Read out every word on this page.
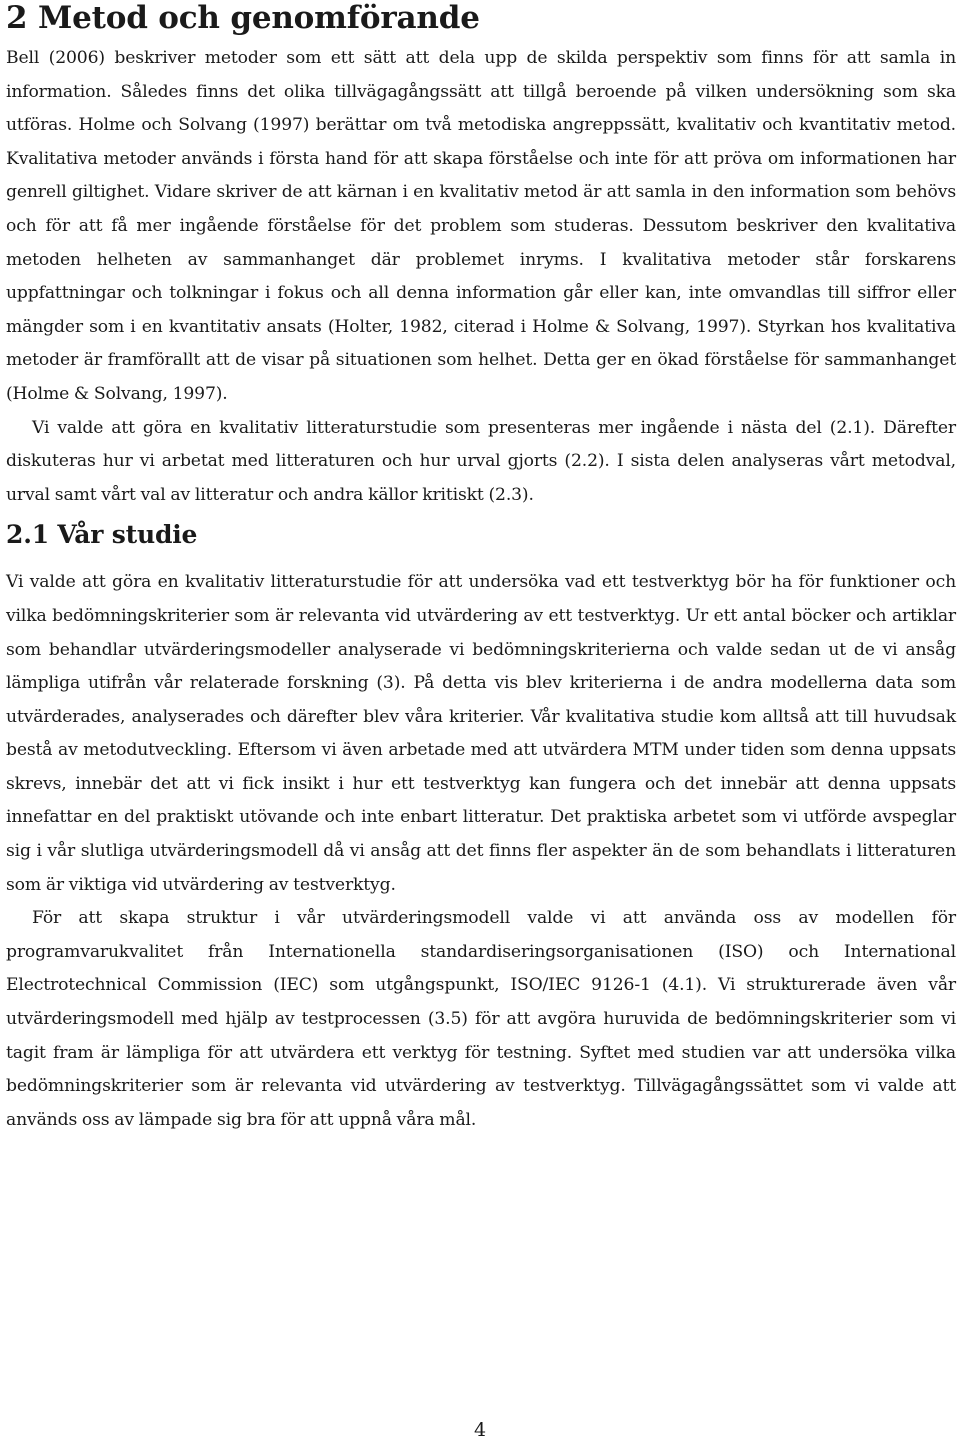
2 Metod och genomförande

Bell (2006) beskriver metoder som ett sätt att dela upp de skilda perspektiv som finns för att samla in information. Således finns det olika tillvägagångssätt att tillgå beroende på vilken undersökning som ska utföras. Holme och Solvang (1997) berättar om två metodiska angreppssätt, kvalitativ och kvantitativ metod. Kvalitativa metoder används i första hand för att skapa förståelse och inte för att pröva om informationen har genrell giltighet. Vidare skriver de att kärnan i en kvalitativ metod är att samla in den information som behövs och för att få mer ingående förståelse för det problem som studeras. Dessutom beskriver den kvalitativa metoden helheten av sammanhanget där problemet inryms. I kvalitativa metoder står forskarens uppfattningar och tolkningar i fokus och all denna information går eller kan, inte omvandlas till siffror eller mängder som i en kvantitativ ansats (Holter, 1982, citerad i Holme & Solvang, 1997). Styrkan hos kvalitativa metoder är framförallt att de visar på situationen som helhet. Detta ger en ökad förståelse för sammanhanget (Holme & Solvang, 1997).

Vi valde att göra en kvalitativ litteraturstudie som presenteras mer ingående i nästa del (2.1). Därefter diskuteras hur vi arbetat med litteraturen och hur urval gjorts (2.2). I sista delen analyseras vårt metodval, urval samt vårt val av litteratur och andra källor kritiskt (2.3).

2.1 Vår studie

Vi valde att göra en kvalitativ litteraturstudie för att undersöka vad ett testverktyg bör ha för funktioner och vilka bedömningskriterier som är relevanta vid utvärdering av ett testverktyg. Ur ett antal böcker och artiklar som behandlar utvärderingsmodeller analyserade vi bedömningskriterierna och valde sedan ut de vi ansåg lämpliga utifrån vår relaterade forskning (3). På detta vis blev kriterierna i de andra modellerna data som utvärderades, analyserades och därefter blev våra kriterier. Vår kvalitativa studie kom alltså att till huvudsak bestå av metodutveckling. Eftersom vi även arbetade med att utvärdera MTM under tiden som denna uppsats skrevs, innebär det att vi fick insikt i hur ett testverktyg kan fungera och det innebär att denna uppsats innefattar en del praktiskt utövande och inte enbart litteratur. Det praktiska arbetet som vi utförde avspeglar sig i vår slutliga utvärderingsmodell då vi ansåg att det finns fler aspekter än de som behandlats i litteraturen som är viktiga vid utvärdering av testverktyg.

För att skapa struktur i vår utvärderingsmodell valde vi att använda oss av modellen för programvarukvalitet från Internationella standardiseringsorganisationen (ISO) och International Electrotechnical Commission (IEC) som utgångspunkt, ISO/IEC 9126-1 (4.1). Vi strukturerade även vår utvärderingsmodell med hjälp av testprocessen (3.5) för att avgöra huruvida de bedömningskriterier som vi tagit fram är lämpliga för att utvärdera ett verktyg för testning. Syftet med studien var att undersöka vilka bedömningskriterier som är relevanta vid utvärdering av testverktyg. Tillvägagångssättet som vi valde att används oss av lämpade sig bra för att uppnå våra mål.

4
